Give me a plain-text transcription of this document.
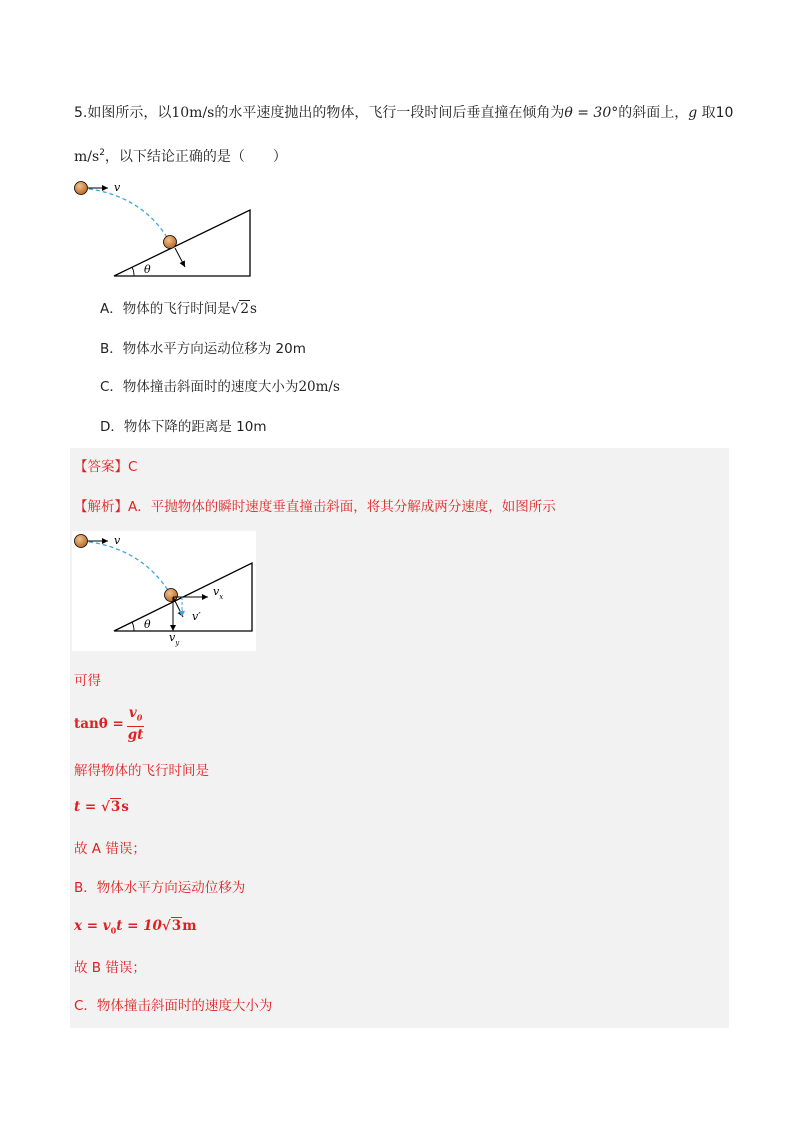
5.如图所示，以10m/s的水平速度抛出的物体，飞行一段时间后垂直撞在倾角为θ = 30°的斜面上，g 取10
$m/s^2$，以下结论正确的是（　　）
v
θ
A．物体的飞行时间是√2s
B．物体水平方向运动位移为 20m
C．物体撞击斜面时的速度大小为20m/s
D．物体下降的距离是 10m
【答案】C
【解析】A．平抛物体的瞬时速度垂直撞击斜面，将其分解成两分速度，如图所示
v
$v_x$
$v_y$
v′
θ
可得
$\tan\theta = \frac{v_0}{gt}$
解得物体的飞行时间是
t = √3s
故 A 错误；
B．物体水平方向运动位移为
$x = v_0t = 10√3m$
故 B 错误；
C．物体撞击斜面时的速度大小为
